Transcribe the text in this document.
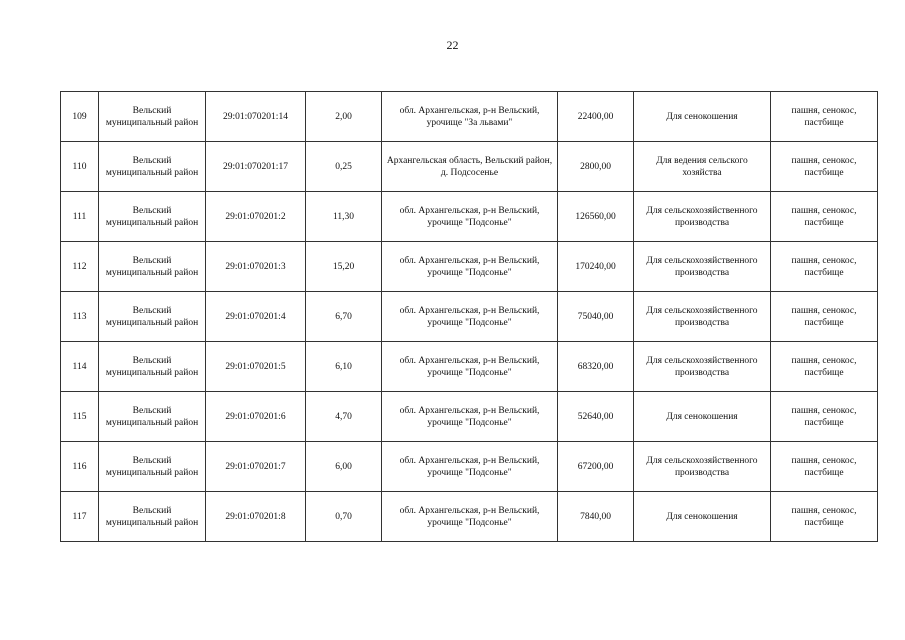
22
109	Вельский муниципальный район	29:01:070201:14	2,00	обл. Архангельская, р-н Вельский, урочище "За львами"	22400,00	Для сенокошения	пашня, сенокос, пастбище
110	Вельский муниципальный район	29:01:070201:17	0,25	Архангельская область, Вельский район, д. Подсосенье	2800,00	Для ведения сельского хозяйства	пашня, сенокос, пастбище
111	Вельский муниципальный район	29:01:070201:2	11,30	обл. Архангельская, р-н Вельский, урочище "Подсонье"	126560,00	Для сельскохозяйственного производства	пашня, сенокос, пастбище
112	Вельский муниципальный район	29:01:070201:3	15,20	обл. Архангельская, р-н Вельский, урочище "Подсонье"	170240,00	Для сельскохозяйственного производства	пашня, сенокос, пастбище
113	Вельский муниципальный район	29:01:070201:4	6,70	обл. Архангельская, р-н Вельский, урочище "Подсонье"	75040,00	Для сельскохозяйственного производства	пашня, сенокос, пастбище
114	Вельский муниципальный район	29:01:070201:5	6,10	обл. Архангельская, р-н Вельский, урочище "Подсонье"	68320,00	Для сельскохозяйственного производства	пашня, сенокос, пастбище
115	Вельский муниципальный район	29:01:070201:6	4,70	обл. Архангельская, р-н Вельский, урочище "Подсонье"	52640,00	Для сенокошения	пашня, сенокос, пастбище
116	Вельский муниципальный район	29:01:070201:7	6,00	обл. Архангельская, р-н Вельский, урочище "Подсонье"	67200,00	Для сельскохозяйственного производства	пашня, сенокос, пастбище
117	Вельский муниципальный район	29:01:070201:8	0,70	обл. Архангельская, р-н Вельский, урочище "Подсонье"	7840,00	Для сенокошения	пашня, сенокос, пастбище
